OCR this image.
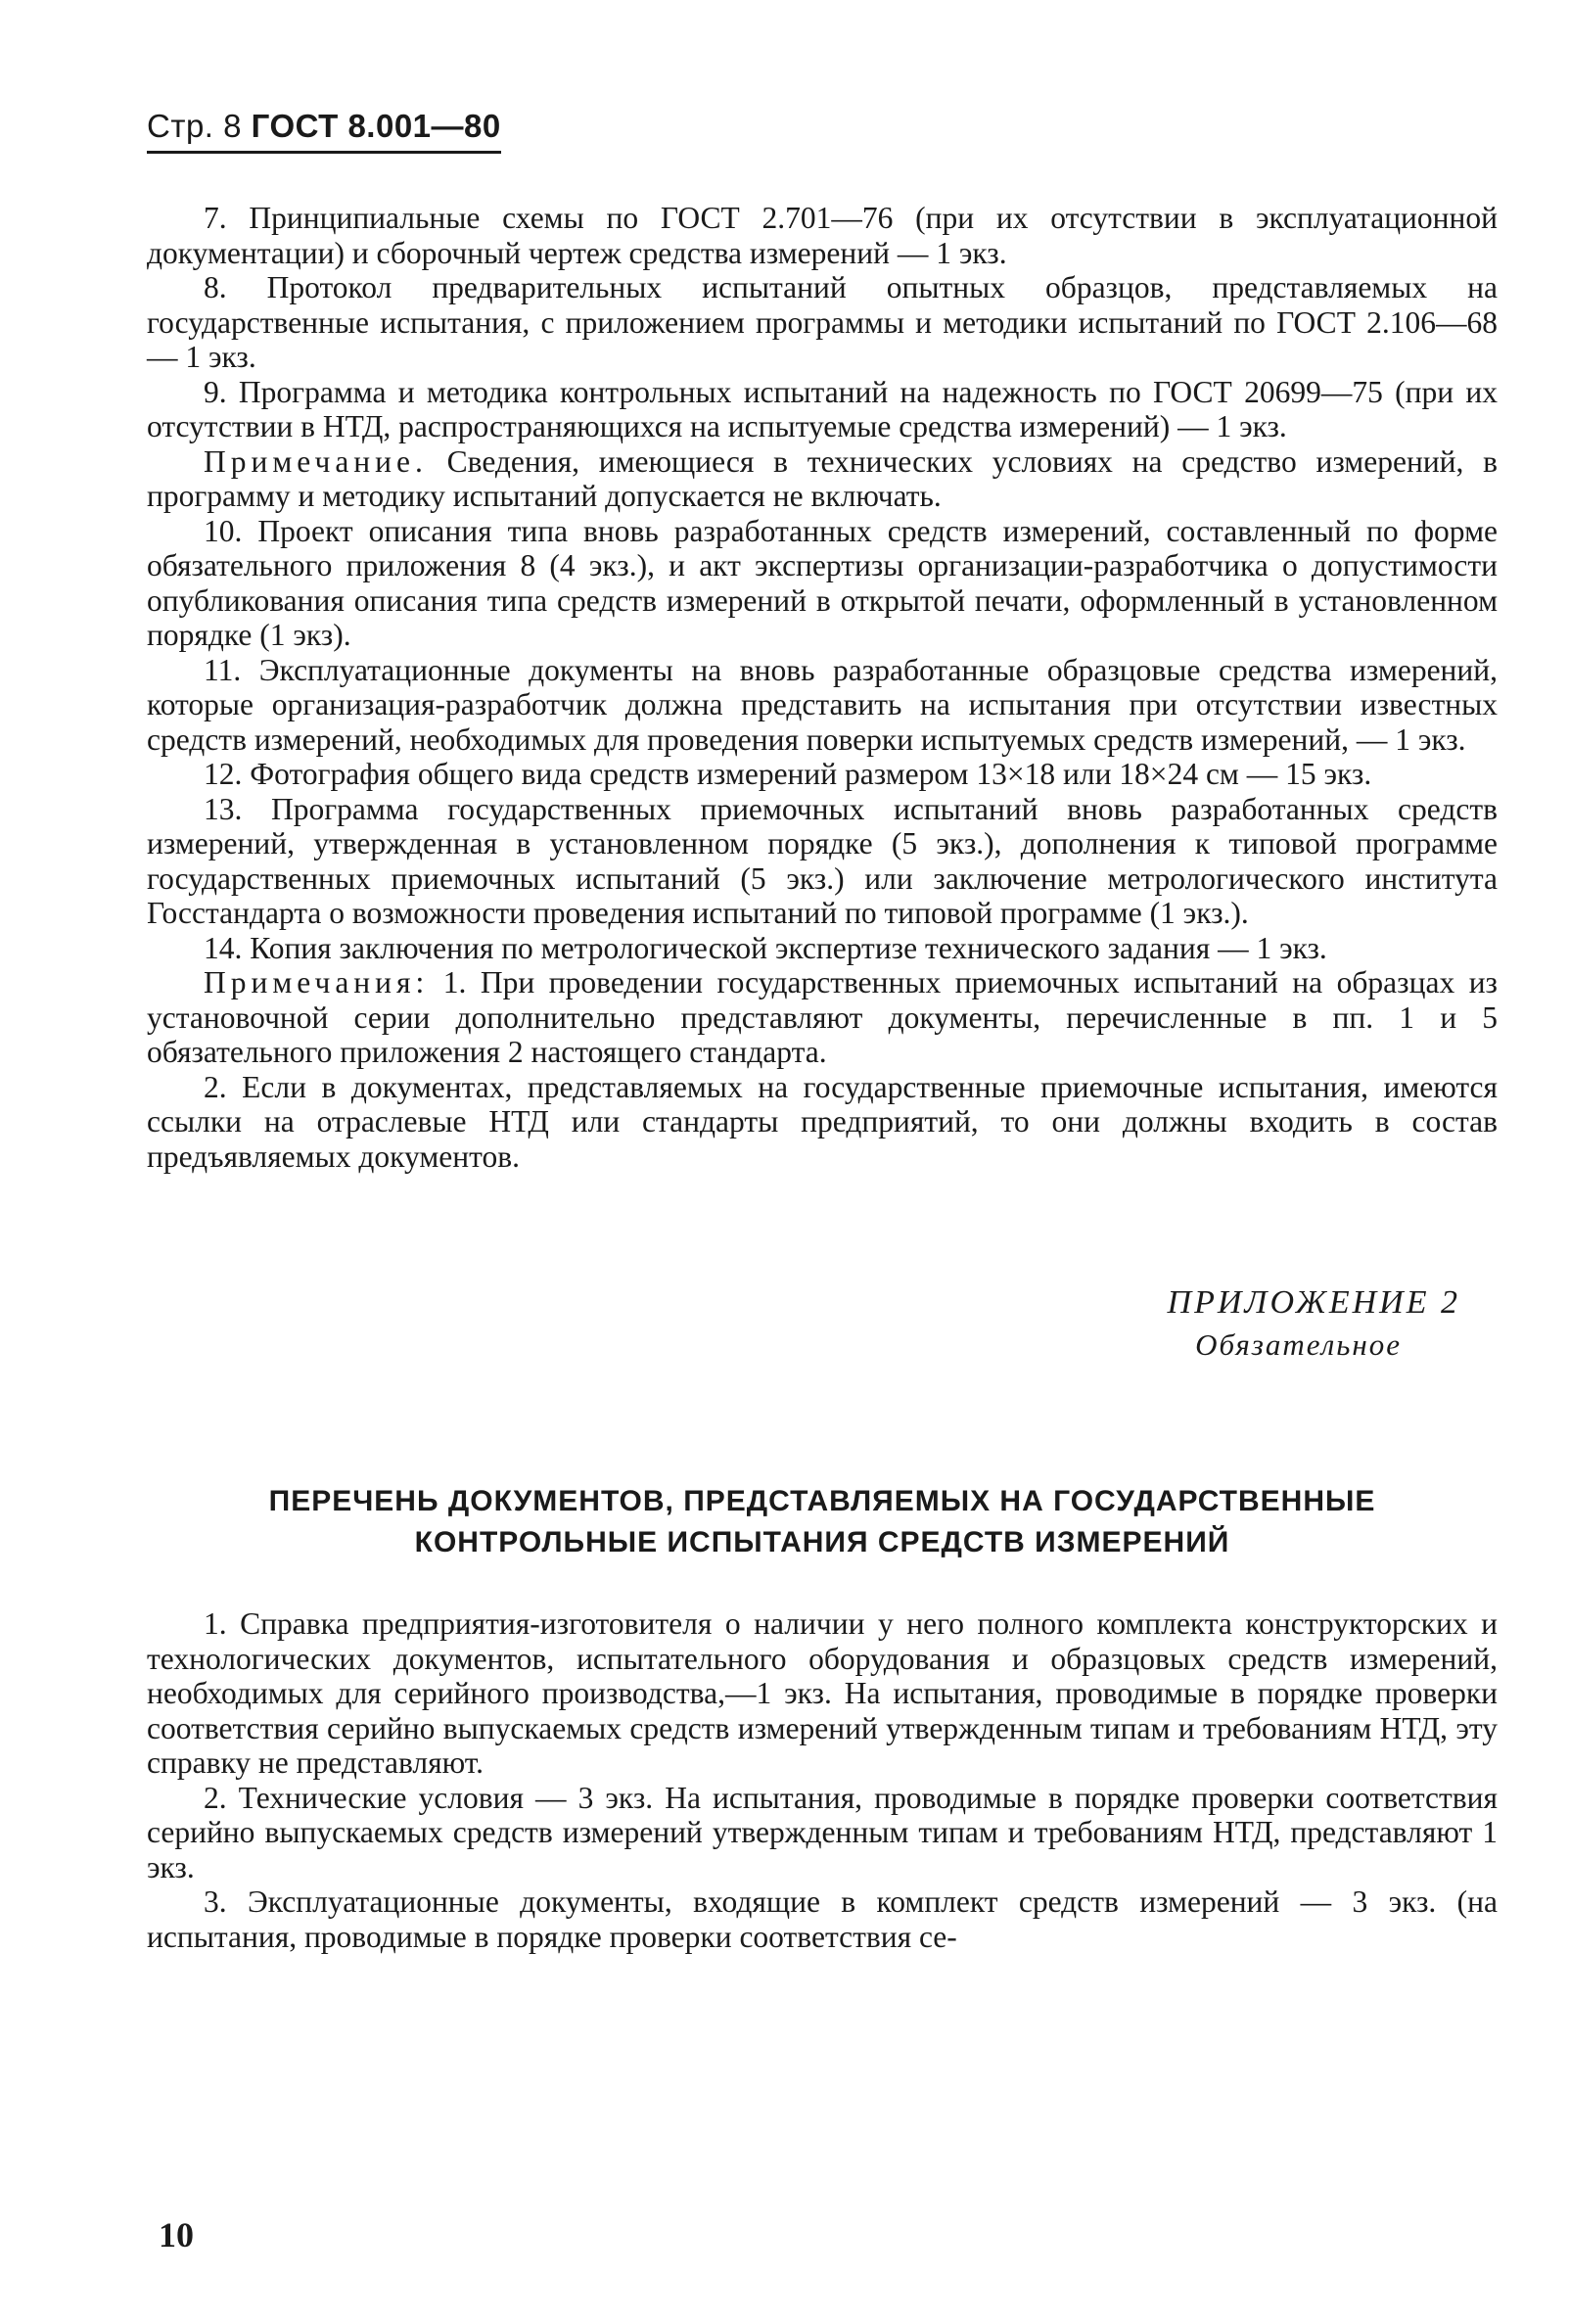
Стр. 8 ГОСТ 8.001—80

7. Принципиальные схемы по ГОСТ 2.701—76 (при их отсутствии в эксплуатационной документации) и сборочный чертеж средства измерений — 1 экз.

8. Протокол предварительных испытаний опытных образцов, представляемых на государственные испытания, с приложением программы и методики испытаний по ГОСТ 2.106—68 — 1 экз.

9. Программа и методика контрольных испытаний на надежность по ГОСТ 20699—75 (при их отсутствии в НТД, распространяющихся на испытуемые средства измерений) — 1 экз.

Примечание. Сведения, имеющиеся в технических условиях на средство измерений, в программу и методику испытаний допускается не включать.

10. Проект описания типа вновь разработанных средств измерений, составленный по форме обязательного приложения 8 (4 экз.), и акт экспертизы организации-разработчика о допустимости опубликования описания типа средств измерений в открытой печати, оформленный в установленном порядке (1 экз).

11. Эксплуатационные документы на вновь разработанные образцовые средства измерений, которые организация-разработчик должна представить на испытания при отсутствии известных средств измерений, необходимых для проведения поверки испытуемых средств измерений, — 1 экз.

12. Фотография общего вида средств измерений размером 13×18 или 18×24 см — 15 экз.

13. Программа государственных приемочных испытаний вновь разработанных средств измерений, утвержденная в установленном порядке (5 экз.), дополнения к типовой программе государственных приемочных испытаний (5 экз.) или заключение метрологического института Госстандарта о возможности проведения испытаний по типовой программе (1 экз.).

14. Копия заключения по метрологической экспертизе технического задания — 1 экз.

Примечания: 1. При проведении государственных приемочных испытаний на образцах из установочной серии дополнительно представляют документы, перечисленные в пп. 1 и 5 обязательного приложения 2 настоящего стандарта.

2. Если в документах, представляемых на государственные приемочные испытания, имеются ссылки на отраслевые НТД или стандарты предприятий, то они должны входить в состав предъявляемых документов.

ПРИЛОЖЕНИЕ 2
Обязательное
ПЕРЕЧЕНЬ ДОКУМЕНТОВ, ПРЕДСТАВЛЯЕМЫХ НА ГОСУДАРСТВЕННЫЕ
КОНТРОЛЬНЫЕ ИСПЫТАНИЯ СРЕДСТВ ИЗМЕРЕНИЙ

1. Справка предприятия-изготовителя о наличии у него полного комплекта конструкторских и технологических документов, испытательного оборудования и образцовых средств измерений, необходимых для серийного производства,—1 экз. На испытания, проводимые в порядке проверки соответствия серийно выпускаемых средств измерений утвержденным типам и требованиям НТД, эту справку не представляют.

2. Технические условия — 3 экз. На испытания, проводимые в порядке проверки соответствия серийно выпускаемых средств измерений утвержденным типам и требованиям НТД, представляют 1 экз.

3. Эксплуатационные документы, входящие в комплект средств измерений — 3 экз. (на испытания, проводимые в порядке проверки соответствия се-

10
